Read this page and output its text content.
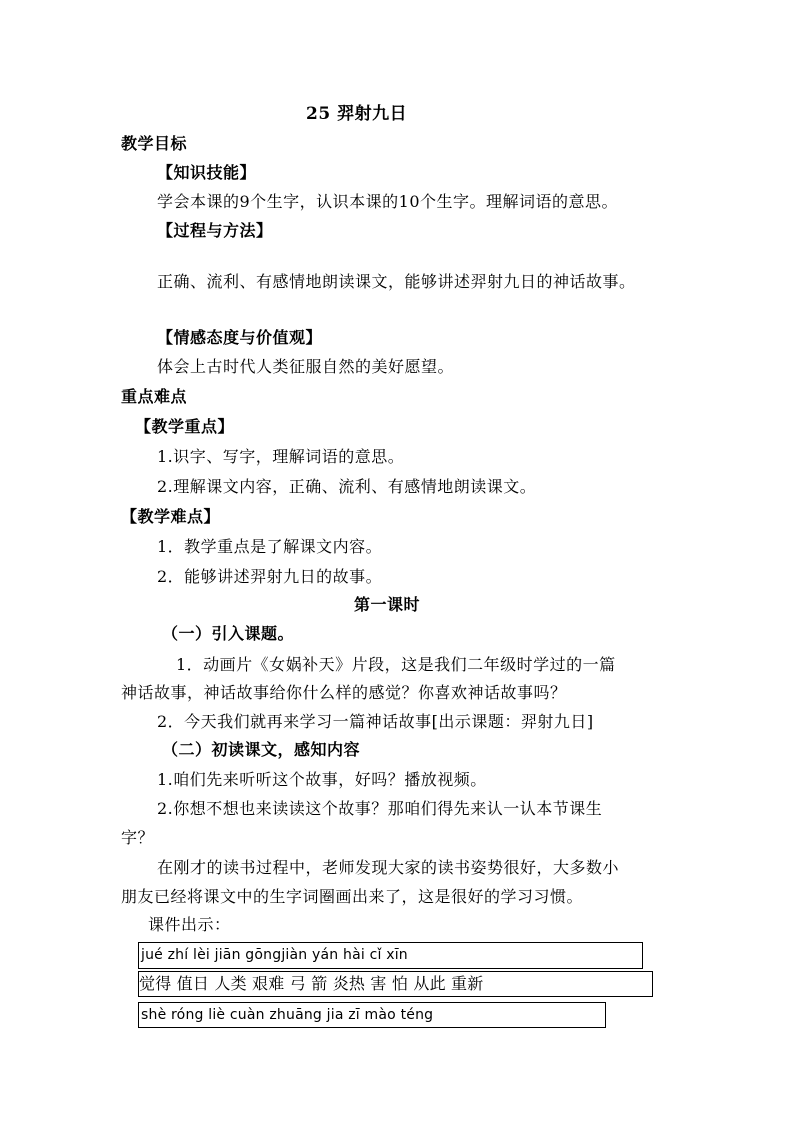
25 羿射九日
教学目标
【知识技能】
学会本课的9个生字，认识本课的10个生字。理解词语的意思。
【过程与方法】
正确、流利、有感情地朗读课文，能够讲述羿射九日的神话故事。
【情感态度与价值观】
体会上古时代人类征服自然的美好愿望。
重点难点
【教学重点】
1.识字、写字，理解词语的意思。
2.理解课文内容，正确、流利、有感情地朗读课文。
【教学难点】
1．教学重点是了解课文内容。
2．能够讲述羿射九日的故事。
第一课时
（一）引入课题。
1．动画片《女娲补天》片段，这是我们二年级时学过的一篇
神话故事，神话故事给你什么样的感觉？你喜欢神话故事吗？
2．今天我们就再来学习一篇神话故事[出示课题：羿射九日]
（二）初读课文，感知内容
1.咱们先来听听这个故事，好吗？播放视频。
2.你想不想也来读读这个故事？那咱们得先来认一认本节课生
字？
在刚才的读书过程中，老师发现大家的读书姿势很好，大多数小
朋友已经将课文中的生字词圈画出来了，这是很好的学习习惯。
课件出示：
jué zhí lèi jiān gōngjiàn yán hài cǐ xīn
觉得 值日 人类 艰难 弓 箭 炎热 害 怕 从此 重新
shè róng liè cuàn zhuāng jia zī mào téng
